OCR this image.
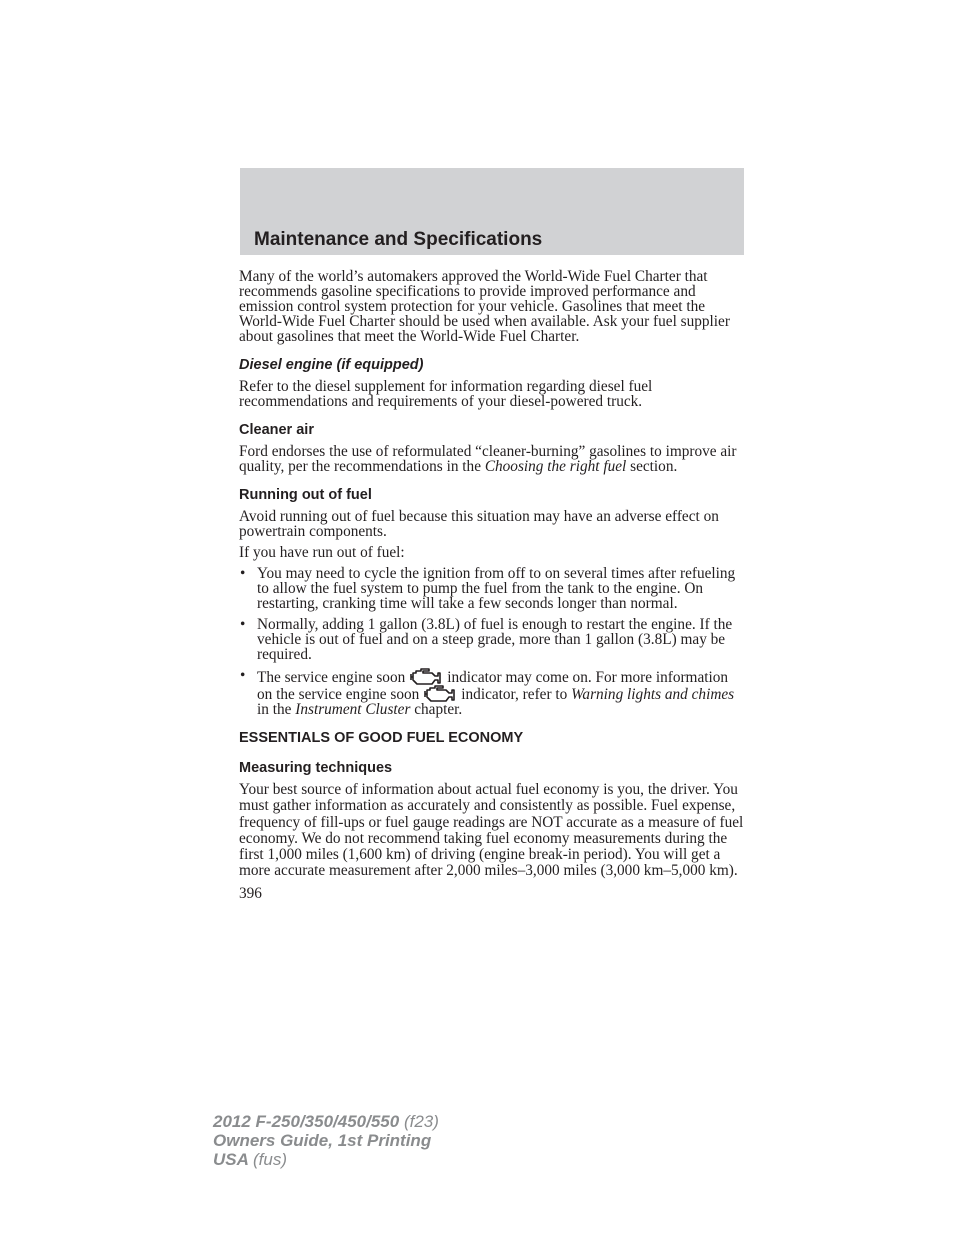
Maintenance and Specifications

Many of the world’s automakers approved the World-Wide Fuel Charter that recommends gasoline specifications to provide improved performance and emission control system protection for your vehicle. Gasolines that meet the World-Wide Fuel Charter should be used when available. Ask your fuel supplier about gasolines that meet the World-Wide Fuel Charter.

Diesel engine (if equipped)

Refer to the diesel supplement for information regarding diesel fuel recommendations and requirements of your diesel-powered truck.

Cleaner air

Ford endorses the use of reformulated “cleaner-burning” gasolines to improve air quality, per the recommendations in the Choosing the right fuel section.

Running out of fuel

Avoid running out of fuel because this situation may have an adverse effect on powertrain components.

If you have run out of fuel:

• You may need to cycle the ignition from off to on several times after refueling to allow the fuel system to pump the fuel from the tank to the engine. On restarting, cranking time will take a few seconds longer than normal.
• Normally, adding 1 gallon (3.8L) of fuel is enough to restart the engine. If the vehicle is out of fuel and on a steep grade, more than 1 gallon (3.8L) may be required.
• The service engine soon	indicator may come on. For more information on the service engine soon	indicator, refer to Warning lights and chimes in the Instrument Cluster chapter.
ESSENTIALS OF GOOD FUEL ECONOMY
Measuring techniques

Your best source of information about actual fuel economy is you, the driver. You must gather information as accurately and consistently as possible. Fuel expense, frequency of fill-ups or fuel gauge readings are NOT accurate as a measure of fuel economy. We do not recommend taking fuel economy measurements during the first 1,000 miles (1,600 km) of driving (engine break-in period). You will get a more accurate measurement after 2,000 miles–3,000 miles (3,000 km–5,000 km).

396
2012 F-250/350/450/550 (f23)
Owners Guide, 1st Printing
USA (fus)
